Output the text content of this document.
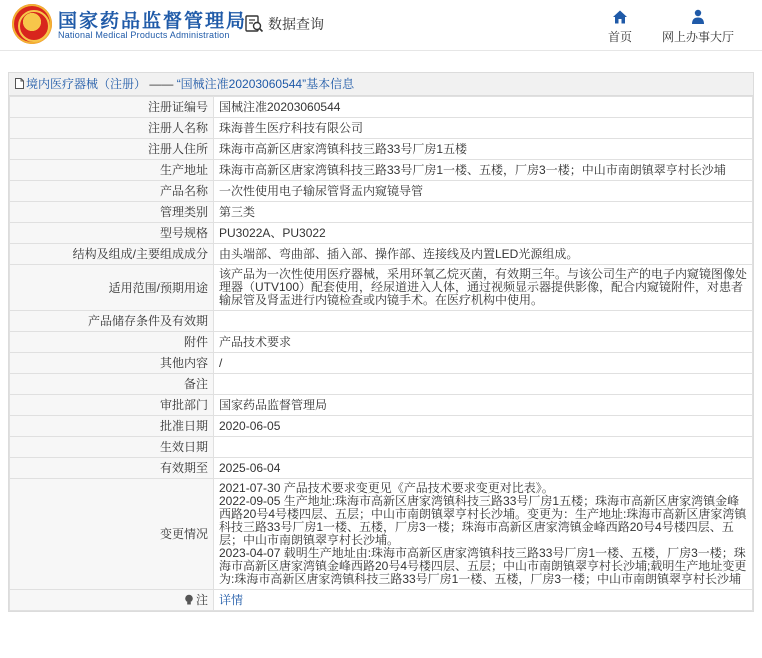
★	国家药品监督管理局
National Medical Products Administration
数据查询
首页	网上办事大厅
境内医疗器械（注册） —— “国械注准20203060544”基本信息
注册证编号	国械注准20203060544
注册人名称	珠海普生医疗科技有限公司
注册人住所	珠海市高新区唐家湾镇科技三路33号厂房1五楼
生产地址	珠海市高新区唐家湾镇科技三路33号厂房1一楼、五楼，厂房3一楼；中山市南朗镇翠亨村长沙埔
产品名称	一次性使用电子输尿管肾盂内窥镜导管
管理类别	第三类
型号规格	PU3022A、PU3022
结构及组成/主要组成成分	由头端部、弯曲部、插入部、操作部、连接线及内置LED光源组成。
适用范围/预期用途	该产品为一次性使用医疗器械，采用环氧乙烷灭菌，有效期三年。与该公司生产的电子内窥镜图像处理器（UTV100）配套使用，经尿道进入人体，通过视频显示器提供影像，配合内窥镜附件，对患者输尿管及肾盂进行内镜检查或内镜手术。在医疗机构中使用。
产品储存条件及有效期	
附件	产品技术要求
其他内容	/
备注	
审批部门	国家药品监督管理局
批准日期	2020-06-05
生效日期	
有效期至	2025-06-04
变更情况	2021-07-30 产品技术要求变更见《产品技术要求变更对比表》。
2022-09-05 生产地址:珠海市高新区唐家湾镇科技三路33号厂房1五楼；珠海市高新区唐家湾镇金峰西路20号4号楼四层、五层；中山市南朗镇翠亨村长沙埔。变更为：生产地址:珠海市高新区唐家湾镇科技三路33号厂房1一楼、五楼，厂房3一楼；珠海市高新区唐家湾镇金峰西路20号4号楼四层、五层；中山市南朗镇翠亨村长沙埔。
2023-04-07 载明生产地址由:珠海市高新区唐家湾镇科技三路33号厂房1一楼、五楼，厂房3一楼；珠海市高新区唐家湾镇金峰西路20号4号楼四层、五层；中山市南朗镇翠亨村长沙埔;载明生产地址变更为:珠海市高新区唐家湾镇科技三路33号厂房1一楼、五楼，厂房3一楼；中山市南朗镇翠亨村长沙埔

注	详情
